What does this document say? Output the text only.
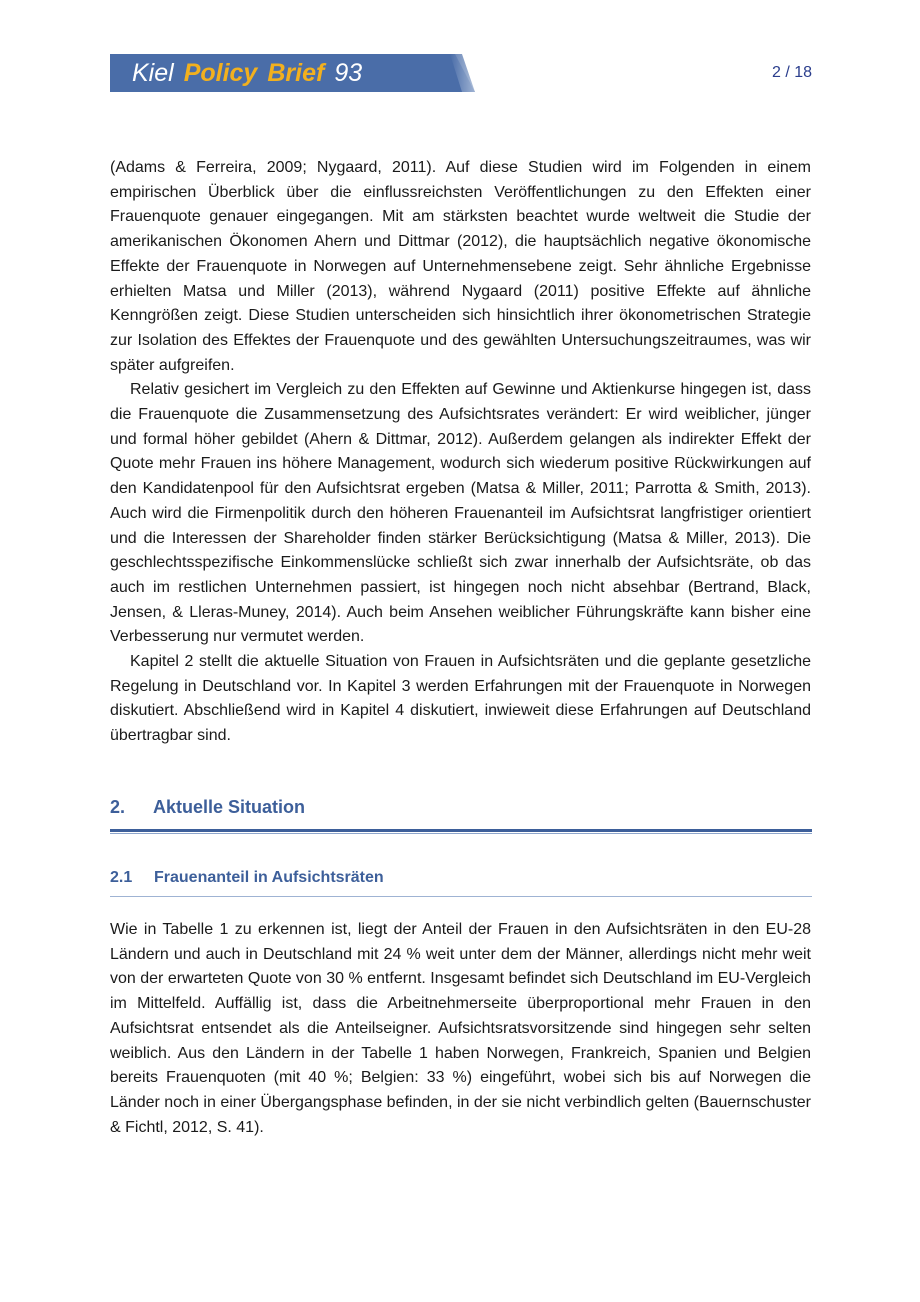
Kiel Policy Brief 93	2 / 18

(Adams & Ferreira, 2009; Nygaard, 2011). Auf diese Studien wird im Folgenden in einem empirischen Überblick über die einflussreichsten Veröffentlichungen zu den Effekten einer Frauenquote genauer eingegangen. Mit am stärksten beachtet wurde weltweit die Studie der amerikanischen Ökonomen Ahern und Dittmar (2012), die hauptsächlich negative ökonomische Effekte der Frauenquote in Norwegen auf Unternehmensebene zeigt. Sehr ähnliche Ergebnisse erhielten Matsa und Miller (2013), während Nygaard (2011) positive Effekte auf ähnliche Kenngrößen zeigt. Diese Studien unterscheiden sich hinsichtlich ihrer ökonometrischen Strategie zur Isolation des Effektes der Frauenquote und des gewählten Untersuchungszeitraumes, was wir später aufgreifen.

Relativ gesichert im Vergleich zu den Effekten auf Gewinne und Aktienkurse hingegen ist, dass die Frauenquote die Zusammensetzung des Aufsichtsrates verändert: Er wird weiblicher, jünger und formal höher gebildet (Ahern & Dittmar, 2012). Außerdem gelangen als indirekter Effekt der Quote mehr Frauen ins höhere Management, wodurch sich wiederum positive Rückwirkungen auf den Kandidatenpool für den Aufsichtsrat ergeben (Matsa & Miller, 2011; Parrotta & Smith, 2013). Auch wird die Firmenpolitik durch den höheren Frauenanteil im Aufsichtsrat langfristiger orientiert und die Interessen der Shareholder finden stärker Berücksichtigung (Matsa & Miller, 2013). Die geschlechtsspezifische Einkommenslücke schließt sich zwar innerhalb der Aufsichtsräte, ob das auch im restlichen Unternehmen passiert, ist hingegen noch nicht absehbar (Bertrand, Black, Jensen, & Lleras-Muney, 2014). Auch beim Ansehen weiblicher Führungskräfte kann bisher eine Verbesserung nur vermutet werden.

Kapitel 2 stellt die aktuelle Situation von Frauen in Aufsichtsräten und die geplante gesetzliche Regelung in Deutschland vor. In Kapitel 3 werden Erfahrungen mit der Frauenquote in Norwegen diskutiert. Abschließend wird in Kapitel 4 diskutiert, inwieweit diese Erfahrungen auf Deutschland übertragbar sind.

2. Aktuelle Situation
2.1 Frauenanteil in Aufsichtsräten

Wie in Tabelle 1 zu erkennen ist, liegt der Anteil der Frauen in den Aufsichtsräten in den EU-28 Ländern und auch in Deutschland mit 24 % weit unter dem der Männer, allerdings nicht mehr weit von der erwarteten Quote von 30 % entfernt. Insgesamt befindet sich Deutschland im EU-Vergleich im Mittelfeld. Auffällig ist, dass die Arbeitnehmerseite überproportional mehr Frauen in den Aufsichtsrat entsendet als die Anteilseigner. Aufsichtsratsvorsitzende sind hingegen sehr selten weiblich. Aus den Ländern in der Tabelle 1 haben Norwegen, Frankreich, Spanien und Belgien bereits Frauenquoten (mit 40 %; Belgien: 33 %) eingeführt, wobei sich bis auf Norwegen die Länder noch in einer Übergangsphase befinden, in der sie nicht verbindlich gelten (Bauernschuster & Fichtl, 2012, S. 41).
